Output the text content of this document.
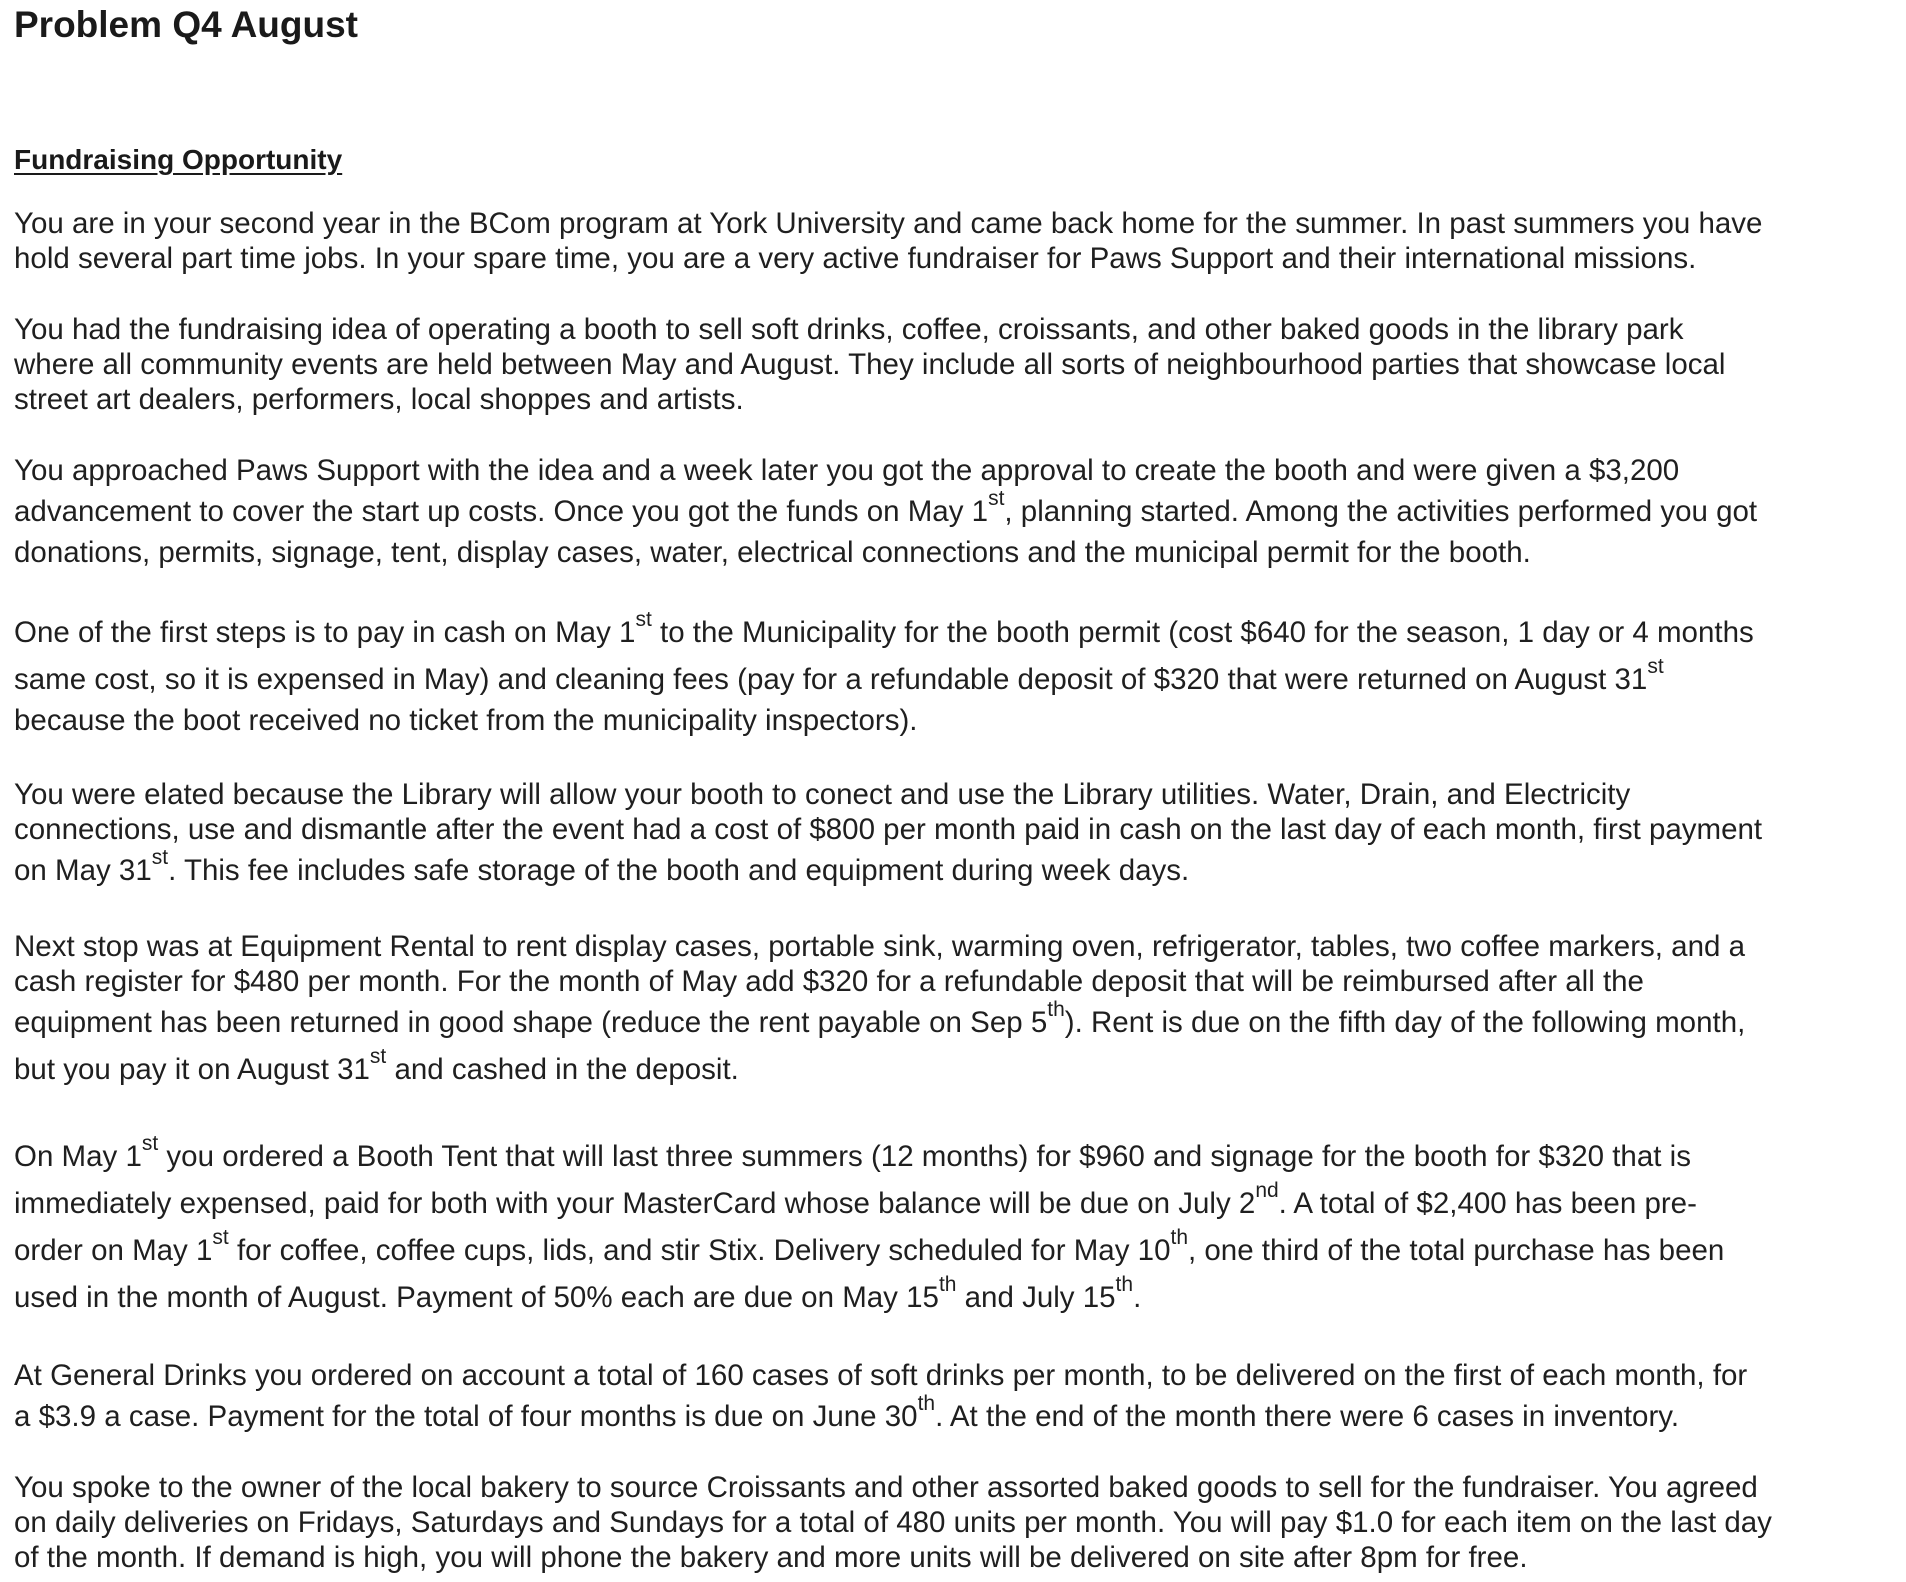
Problem Q4 August
Fundraising Opportunity
You are in your second year in the BCom program at York University and came back home for the summer. In past summers you have
hold several part time jobs. In your spare time, you are a very active fundraiser for Paws Support and their international missions.
You had the fundraising idea of operating a booth to sell soft drinks, coffee, croissants, and other baked goods in the library park
where all community events are held between May and August. They include all sorts of neighbourhood parties that showcase local
street art dealers, performers, local shoppes and artists.
You approached Paws Support with the idea and a week later you got the approval to create the booth and were given a $3,200
advancement to cover the start up costs. Once you got the funds on May 1st, planning started. Among the activities performed you got
donations, permits, signage, tent, display cases, water, electrical connections and the municipal permit for the booth.
One of the first steps is to pay in cash on May 1st to the Municipality for the booth permit (cost $640 for the season, 1 day or 4 months
same cost, so it is expensed in May) and cleaning fees (pay for a refundable deposit of $320 that were returned on August 31st
because the boot received no ticket from the municipality inspectors).
You were elated because the Library will allow your booth to conect and use the Library utilities. Water, Drain, and Electricity
connections, use and dismantle after the event had a cost of $800 per month paid in cash on the last day of each month, first payment
on May 31st. This fee includes safe storage of the booth and equipment during week days.
Next stop was at Equipment Rental to rent display cases, portable sink, warming oven, refrigerator, tables, two coffee markers, and a
cash register for $480 per month. For the month of May add $320 for a refundable deposit that will be reimbursed after all the
equipment has been returned in good shape (reduce the rent payable on Sep 5th). Rent is due on the fifth day of the following month,
but you pay it on August 31st and cashed in the deposit.
On May 1st you ordered a Booth Tent that will last three summers (12 months) for $960 and signage for the booth for $320 that is
immediately expensed, paid for both with your MasterCard whose balance will be due on July 2nd. A total of $2,400 has been pre-
order on May 1st for coffee, coffee cups, lids, and stir Stix. Delivery scheduled for May 10th, one third of the total purchase has been
used in the month of August. Payment of 50% each are due on May 15th and July 15th.
At General Drinks you ordered on account a total of 160 cases of soft drinks per month, to be delivered on the first of each month, for
a $3.9 a case. Payment for the total of four months is due on June 30th. At the end of the month there were 6 cases in inventory.
You spoke to the owner of the local bakery to source Croissants and other assorted baked goods to sell for the fundraiser. You agreed
on daily deliveries on Fridays, Saturdays and Sundays for a total of 480 units per month. You will pay $1.0 for each item on the last day
of the month. If demand is high, you will phone the bakery and more units will be delivered on site after 8pm for free.
